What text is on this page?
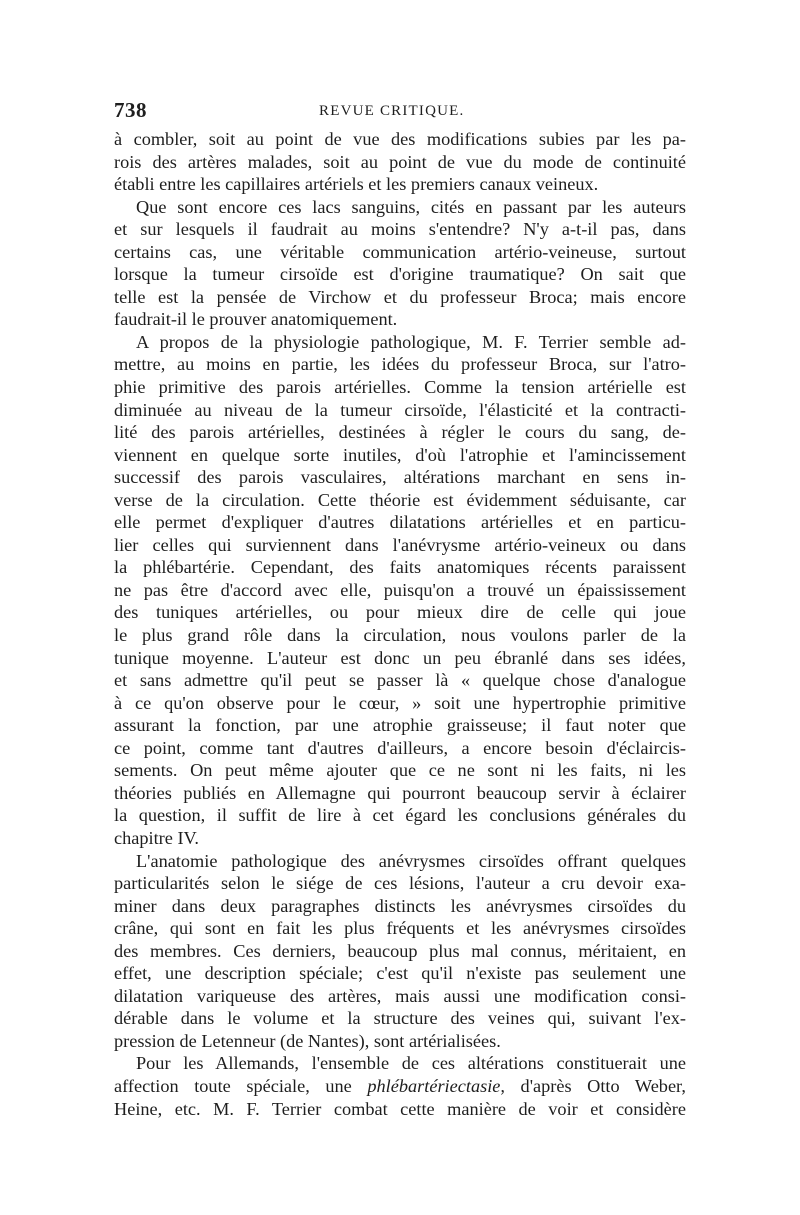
738	REVUE CRITIQUE.

à combler, soit au point de vue des modifications subies par les pa-
rois des artères malades, soit au point de vue du mode de continuité
établi entre les capillaires artériels et les premiers canaux veineux.

Que sont encore ces lacs sanguins, cités en passant par les auteurs
et sur lesquels il faudrait au moins s'entendre? N'y a-t-il pas, dans
certains cas, une véritable communication artério-veineuse, surtout
lorsque la tumeur cirsoïde est d'origine traumatique? On sait que
telle est la pensée de Virchow et du professeur Broca; mais encore
faudrait-il le prouver anatomiquement.

A propos de la physiologie pathologique, M. F. Terrier semble ad-
mettre, au moins en partie, les idées du professeur Broca, sur l'atro-
phie primitive des parois artérielles. Comme la tension artérielle est
diminuée au niveau de la tumeur cirsoïde, l'élasticité et la contracti-
lité des parois artérielles, destinées à régler le cours du sang, de-
viennent en quelque sorte inutiles, d'où l'atrophie et l'amincissement
successif des parois vasculaires, altérations marchant en sens in-
verse de la circulation. Cette théorie est évidemment séduisante, car
elle permet d'expliquer d'autres dilatations artérielles et en particu-
lier celles qui surviennent dans l'anévrysme artério-veineux ou dans
la phlébartérie. Cependant, des faits anatomiques récents paraissent
ne pas être d'accord avec elle, puisqu'on a trouvé un épaississement
des tuniques artérielles, ou pour mieux dire de celle qui joue
le plus grand rôle dans la circulation, nous voulons parler de la
tunique moyenne. L'auteur est donc un peu ébranlé dans ses idées,
et sans admettre qu'il peut se passer là « quelque chose d'analogue
à ce qu'on observe pour le cœur, » soit une hypertrophie primitive
assurant la fonction, par une atrophie graisseuse; il faut noter que
ce point, comme tant d'autres d'ailleurs, a encore besoin d'éclaircis-
sements. On peut même ajouter que ce ne sont ni les faits, ni les
théories publiés en Allemagne qui pourront beaucoup servir à éclairer
la question, il suffit de lire à cet égard les conclusions générales du
chapitre IV.

L'anatomie pathologique des anévrysmes cirsoïdes offrant quelques
particularités selon le siége de ces lésions, l'auteur a cru devoir exa-
miner dans deux paragraphes distincts les anévrysmes cirsoïdes du
crâne, qui sont en fait les plus fréquents et les anévrysmes cirsoïdes
des membres. Ces derniers, beaucoup plus mal connus, méritaient, en
effet, une description spéciale; c'est qu'il n'existe pas seulement une
dilatation variqueuse des artères, mais aussi une modification consi-
dérable dans le volume et la structure des veines qui, suivant l'ex-
pression de Letenneur (de Nantes), sont artérialisées.

Pour les Allemands, l'ensemble de ces altérations constituerait une
affection toute spéciale, une phlébartériectasie, d'après Otto Weber,
Heine, etc. M. F. Terrier combat cette manière de voir et considère
